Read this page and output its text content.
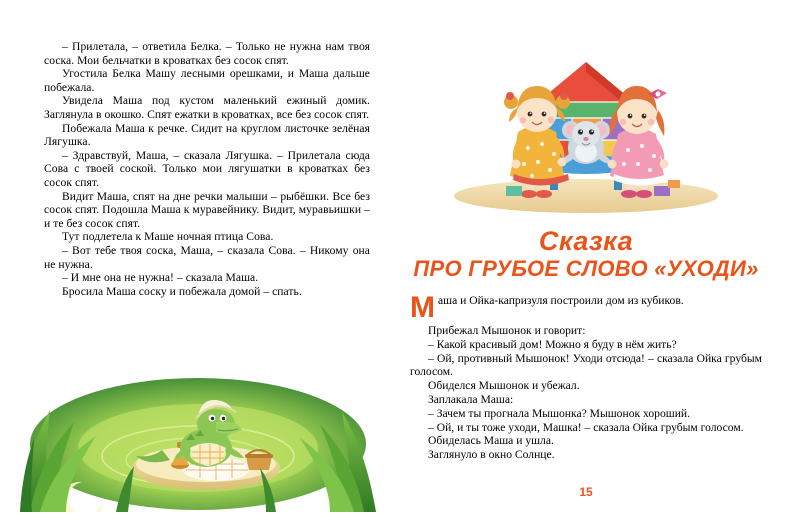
– Прилетала, – ответила Белка. – Только не нужна нам твоя соска. Мои бельчатки в кроватках без сосок спят.

Угостила Белка Машу лесными орешками, и Маша дальше побежала.

Увидела Маша под кустом маленький ежиный домик. Заглянула в окошко. Спят ежатки в кроватках, все без сосок спят.

Побежала Маша к речке. Сидит на круглом листочке зелёная Лягушка.

– Здравствуй, Маша, – сказала Лягушка. – Прилетала сюда Сова с твоей соской. Только мои лягушатки в кроватках без сосок спят.

Видит Маша, спят на дне речки малыши – рыбёшки. Все без сосок спят. Подошла Маша к муравейнику. Видит, муравьишки – и те без сосок спят.

Тут подлетела к Маше ночная птица Сова.

– Вот тебе твоя соска, Маша, – сказала Сова. – Никому она не нужна.

– И мне она не нужна! – сказала Маша.

Бросила Маша соску и побежала домой – спать.

Сказка
ПРО ГРУБОЕ СЛОВО «УХОДИ»

Маша и Ойка-капризуля построили дом из кубиков.

Прибежал Мышонок и говорит:

– Какой красивый дом! Можно я буду в нём жить?

– Ой, противный Мышонок! Уходи отсюда! – сказала Ойка грубым голосом.

Обиделся Мышонок и убежал.

Заплакала Маша:

– Зачем ты прогнала Мышонка? Мышонок хороший.

– Ой, и ты тоже уходи, Машка! – сказала Ойка грубым голосом.

Обиделась Маша и ушла.

Заглянуло в окно Солнце.

15
